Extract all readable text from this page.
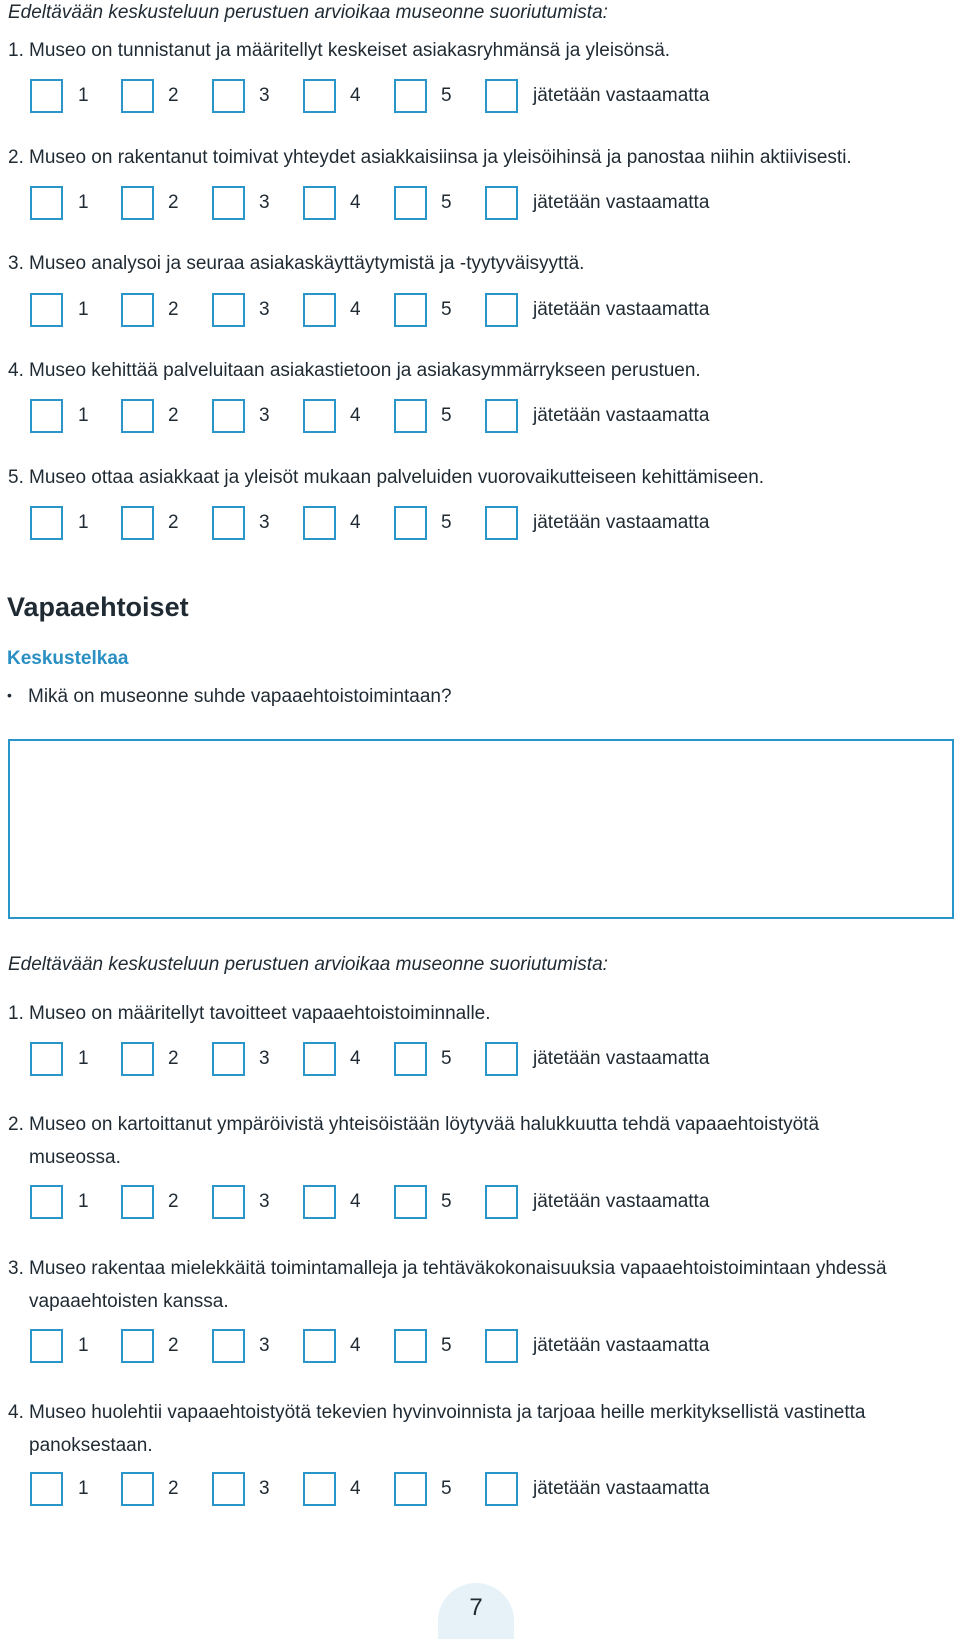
Edeltävään keskusteluun perustuen arvioikaa museonne suoriutumista:
1. Museo on tunnistanut ja määritellyt keskeiset asiakasryhmänsä ja yleisönsä.
1	2	3	4	5	jätetään vastaamatta
2. Museo on rakentanut toimivat yhteydet asiakkaisiinsa ja yleisöihinsä ja panostaa niihin aktiivisesti.
1	2	3	4	5	jätetään vastaamatta
3. Museo analysoi ja seuraa asiakaskäyttäytymistä ja -tyytyväisyyttä.
1	2	3	4	5	jätetään vastaamatta
4. Museo kehittää palveluitaan asiakastietoon ja asiakasymmärrykseen perustuen.
1	2	3	4	5	jätetään vastaamatta
5. Museo ottaa asiakkaat ja yleisöt mukaan palveluiden vuorovaikutteiseen kehittämiseen.
1	2	3	4	5	jätetään vastaamatta
Vapaaehtoiset
Keskustelkaa
• Mikä on museonne suhde vapaaehtoistoimintaan?
Edeltävään keskusteluun perustuen arvioikaa museonne suoriutumista:
1. Museo on määritellyt tavoitteet vapaaehtoistoiminnalle.
1	2	3	4	5	jätetään vastaamatta
2. Museo on kartoittanut ympäröivistä yhteisöistään löytyvää halukkuutta tehdä vapaaehtoistyötä
museossa.
1	2	3	4	5	jätetään vastaamatta
3. Museo rakentaa mielekkäitä toimintamalleja ja tehtäväkokonaisuuksia vapaaehtoistoimintaan yhdessä
vapaaehtoisten kanssa.
1	2	3	4	5	jätetään vastaamatta
4. Museo huolehtii vapaaehtoistyötä tekevien hyvinvoinnista ja tarjoaa heille merkityksellistä vastinetta
panoksestaan.
1	2	3	4	5	jätetään vastaamatta
7
